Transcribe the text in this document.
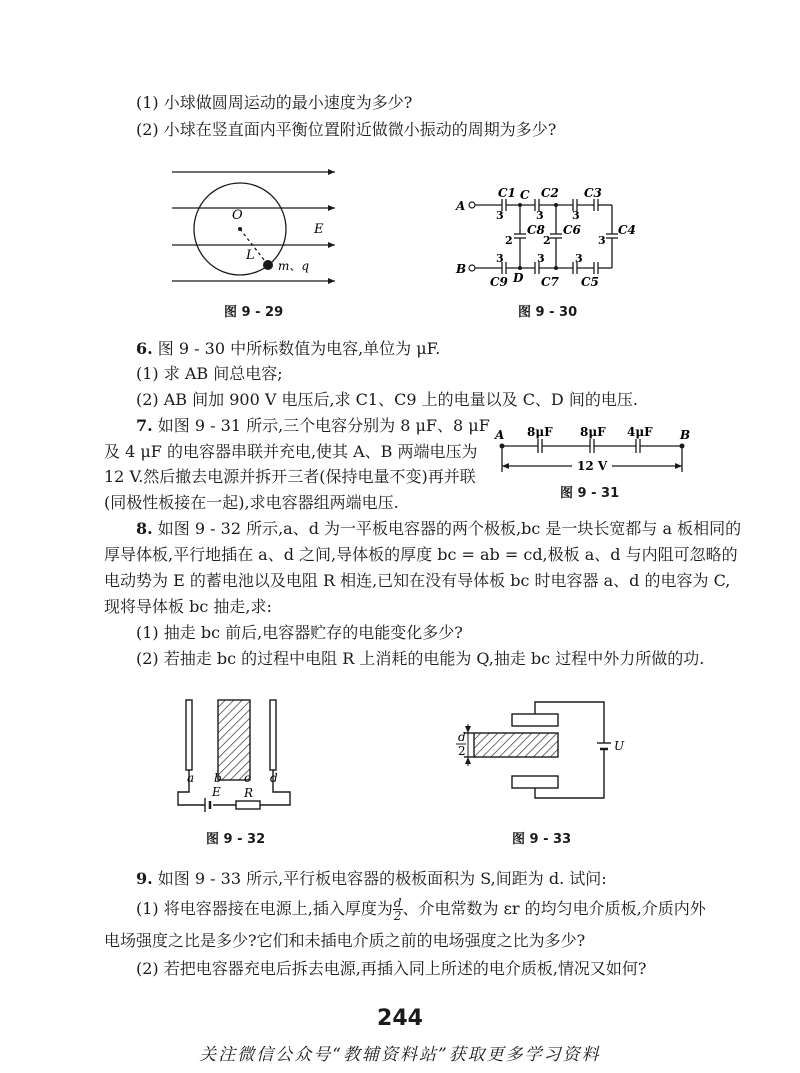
(1) 小球做圆周运动的最小速度为多少?
(2) 小球在竖直面内平衡位置附近做微小振动的周期为多少?
O
L
m、q
E
图 9 - 29
A
B
C
D
C1 C2 C3
C4
C5
C6
C7
C8
C9
3	3	3
2	2	3
3	3	3
图 9 - 30
6. 图 9 - 30 中所标数值为电容,单位为 μF.
(1) 求 AB 间总电容;
(2) AB 间加 900 V 电压后,求 C1、C9 上的电量以及 C、D 间的电压.
7. 如图 9 - 31 所示,三个电容分别为 8 μF、8 μF
及 4 μF 的电容器串联并充电,使其 A、B 两端电压为
12 V.然后撤去电源并拆开三者(保持电量不变)再并联
(同极性板接在一起),求电容器组两端电压.
A	B
8μF 8μF 4μF
12 V
图 9 - 31
8. 如图 9 - 32 所示,a、d 为一平板电容器的两个极板,bc 是一块长宽都与 a 板相同的
厚导体板,平行地插在 a、d 之间,导体板的厚度 bc = ab = cd,极板 a、d 与内阻可忽略的
电动势为 E 的蓄电池以及电阻 R 相连,已知在没有导体板 bc 时电容器 a、d 的电容为 C,
现将导体板 bc 抽走,求:
(1) 抽走 bc 前后,电容器贮存的电能变化多少?
(2) 若抽走 bc 的过程中电阻 R 上消耗的电能为 Q,抽走 bc 过程中外力所做的功.
a b c d
E R
图 9 - 32
d
2	U
图 9 - 33
9. 如图 9 - 33 所示,平行板电容器的极板面积为 S,间距为 d. 试问:
(1) 将电容器接在电源上,插入厚度为 $\frac{d}{2}$ 、介电常数为 εr 的均匀电介质板,介质内外
电场强度之比是多少?它们和未插电介质之前的电场强度之比为多少?
(2) 若把电容器充电后拆去电源,再插入同上所述的电介质板,情况又如何?
244
关注微信公众号“教辅资料站”获取更多学习资料
